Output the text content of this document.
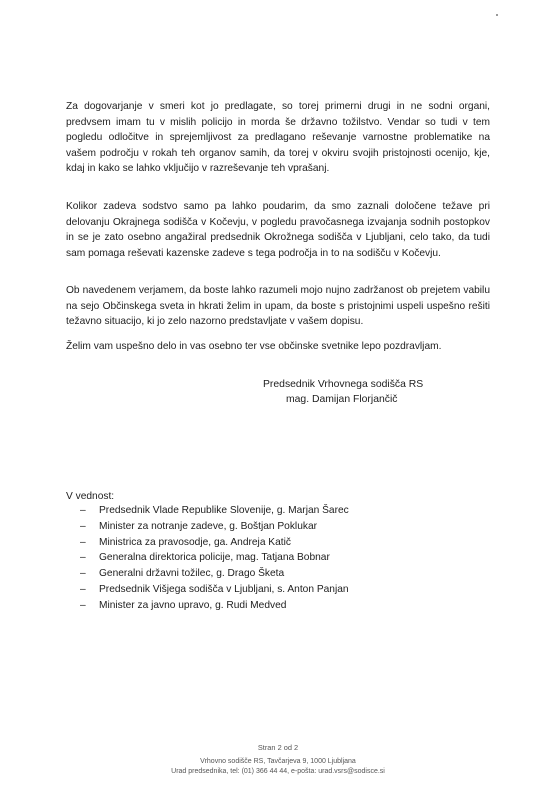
Za dogovarjanje v smeri kot jo predlagate, so torej primerni drugi in ne sodni organi, predvsem imam tu v mislih policijo in morda še državno tožilstvo. Vendar so tudi v tem pogledu odločitve in sprejemljivost za predlagano reševanje varnostne problematike na vašem področju v rokah teh organov samih, da torej v okviru svojih pristojnosti ocenijo, kje, kdaj in kako se lahko vključijo v razreševanje teh vprašanj.

Kolikor zadeva sodstvo samo pa lahko poudarim, da smo zaznali določene težave pri delovanju Okrajnega sodišča v Kočevju, v pogledu pravočasnega izvajanja sodnih postopkov in se je zato osebno angažiral predsednik Okrožnega sodišča v Ljubljani, celo tako, da tudi sam pomaga reševati kazenske zadeve s tega področja in to na sodišču v Kočevju.

Ob navedenem verjamem, da boste lahko razumeli mojo nujno zadržanost ob prejetem vabilu na sejo Občinskega sveta in hkrati želim in upam, da boste s pristojnimi uspeli uspešno rešiti težavno situacijo, ki jo zelo nazorno predstavljate v vašem dopisu.

Želim vam uspešno delo in vas osebno ter vse občinske svetnike lepo pozdravljam.

Predsednik Vrhovnega sodišča RS
mag. Damijan Florjančič
V vednost:
–	Predsednik Vlade Republike Slovenije, g. Marjan Šarec
–	Minister za notranje zadeve, g. Boštjan Poklukar
–	Ministrica za pravosodje, ga. Andreja Katič
–	Generalna direktorica policije, mag. Tatjana Bobnar
–	Generalni državni tožilec, g. Drago Šketa
–	Predsednik Višjega sodišča v Ljubljani, s. Anton Panjan
–	Minister za javno upravo, g. Rudi Medved
Stran 2 od 2
Vrhovno sodišče RS, Tavčarjeva 9, 1000 Ljubljana
Urad predsednika, tel: (01) 366 44 44, e-pošta: urad.vsrs@sodisce.si
